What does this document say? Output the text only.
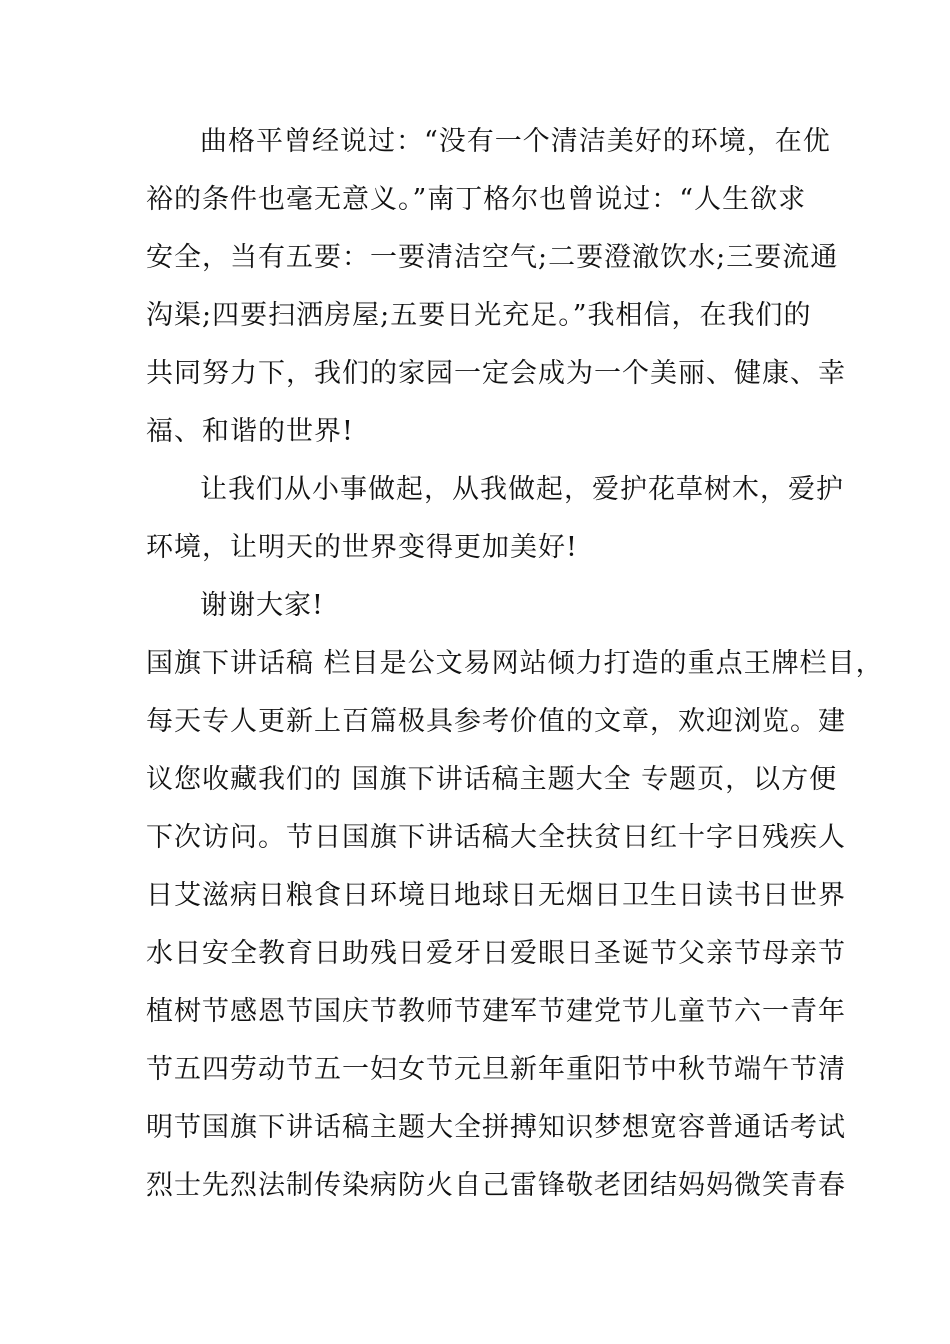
曲格平曾经说过：“没有一个清洁美好的环境，在优
裕的条件也毫无意义。”南丁格尔也曾说过：“人生欲求
安全，当有五要：一要清洁空气;二要澄澈饮水;三要流通
沟渠;四要扫洒房屋;五要日光充足。”我相信，在我们的
共同努力下，我们的家园一定会成为一个美丽、健康、幸
福、和谐的世界!
让我们从小事做起，从我做起，爱护花草树木，爱护
环境，让明天的世界变得更加美好!
谢谢大家!
国旗下讲话稿 栏目是公文易网站倾力打造的重点王牌栏目，
每天专人更新上百篇极具参考价值的文章，欢迎浏览。建
议您收藏我们的 国旗下讲话稿主题大全 专题页，以方便
下次访问。节日国旗下讲话稿大全扶贫日红十字日残疾人
日艾滋病日粮食日环境日地球日无烟日卫生日读书日世界
水日安全教育日助残日爱牙日爱眼日圣诞节父亲节母亲节
植树节感恩节国庆节教师节建军节建党节儿童节六一青年
节五四劳动节五一妇女节元旦新年重阳节中秋节端午节清
明节国旗下讲话稿主题大全拼搏知识梦想宽容普通话考试
烈士先烈法制传染病防火自己雷锋敬老团结妈妈微笑青春
